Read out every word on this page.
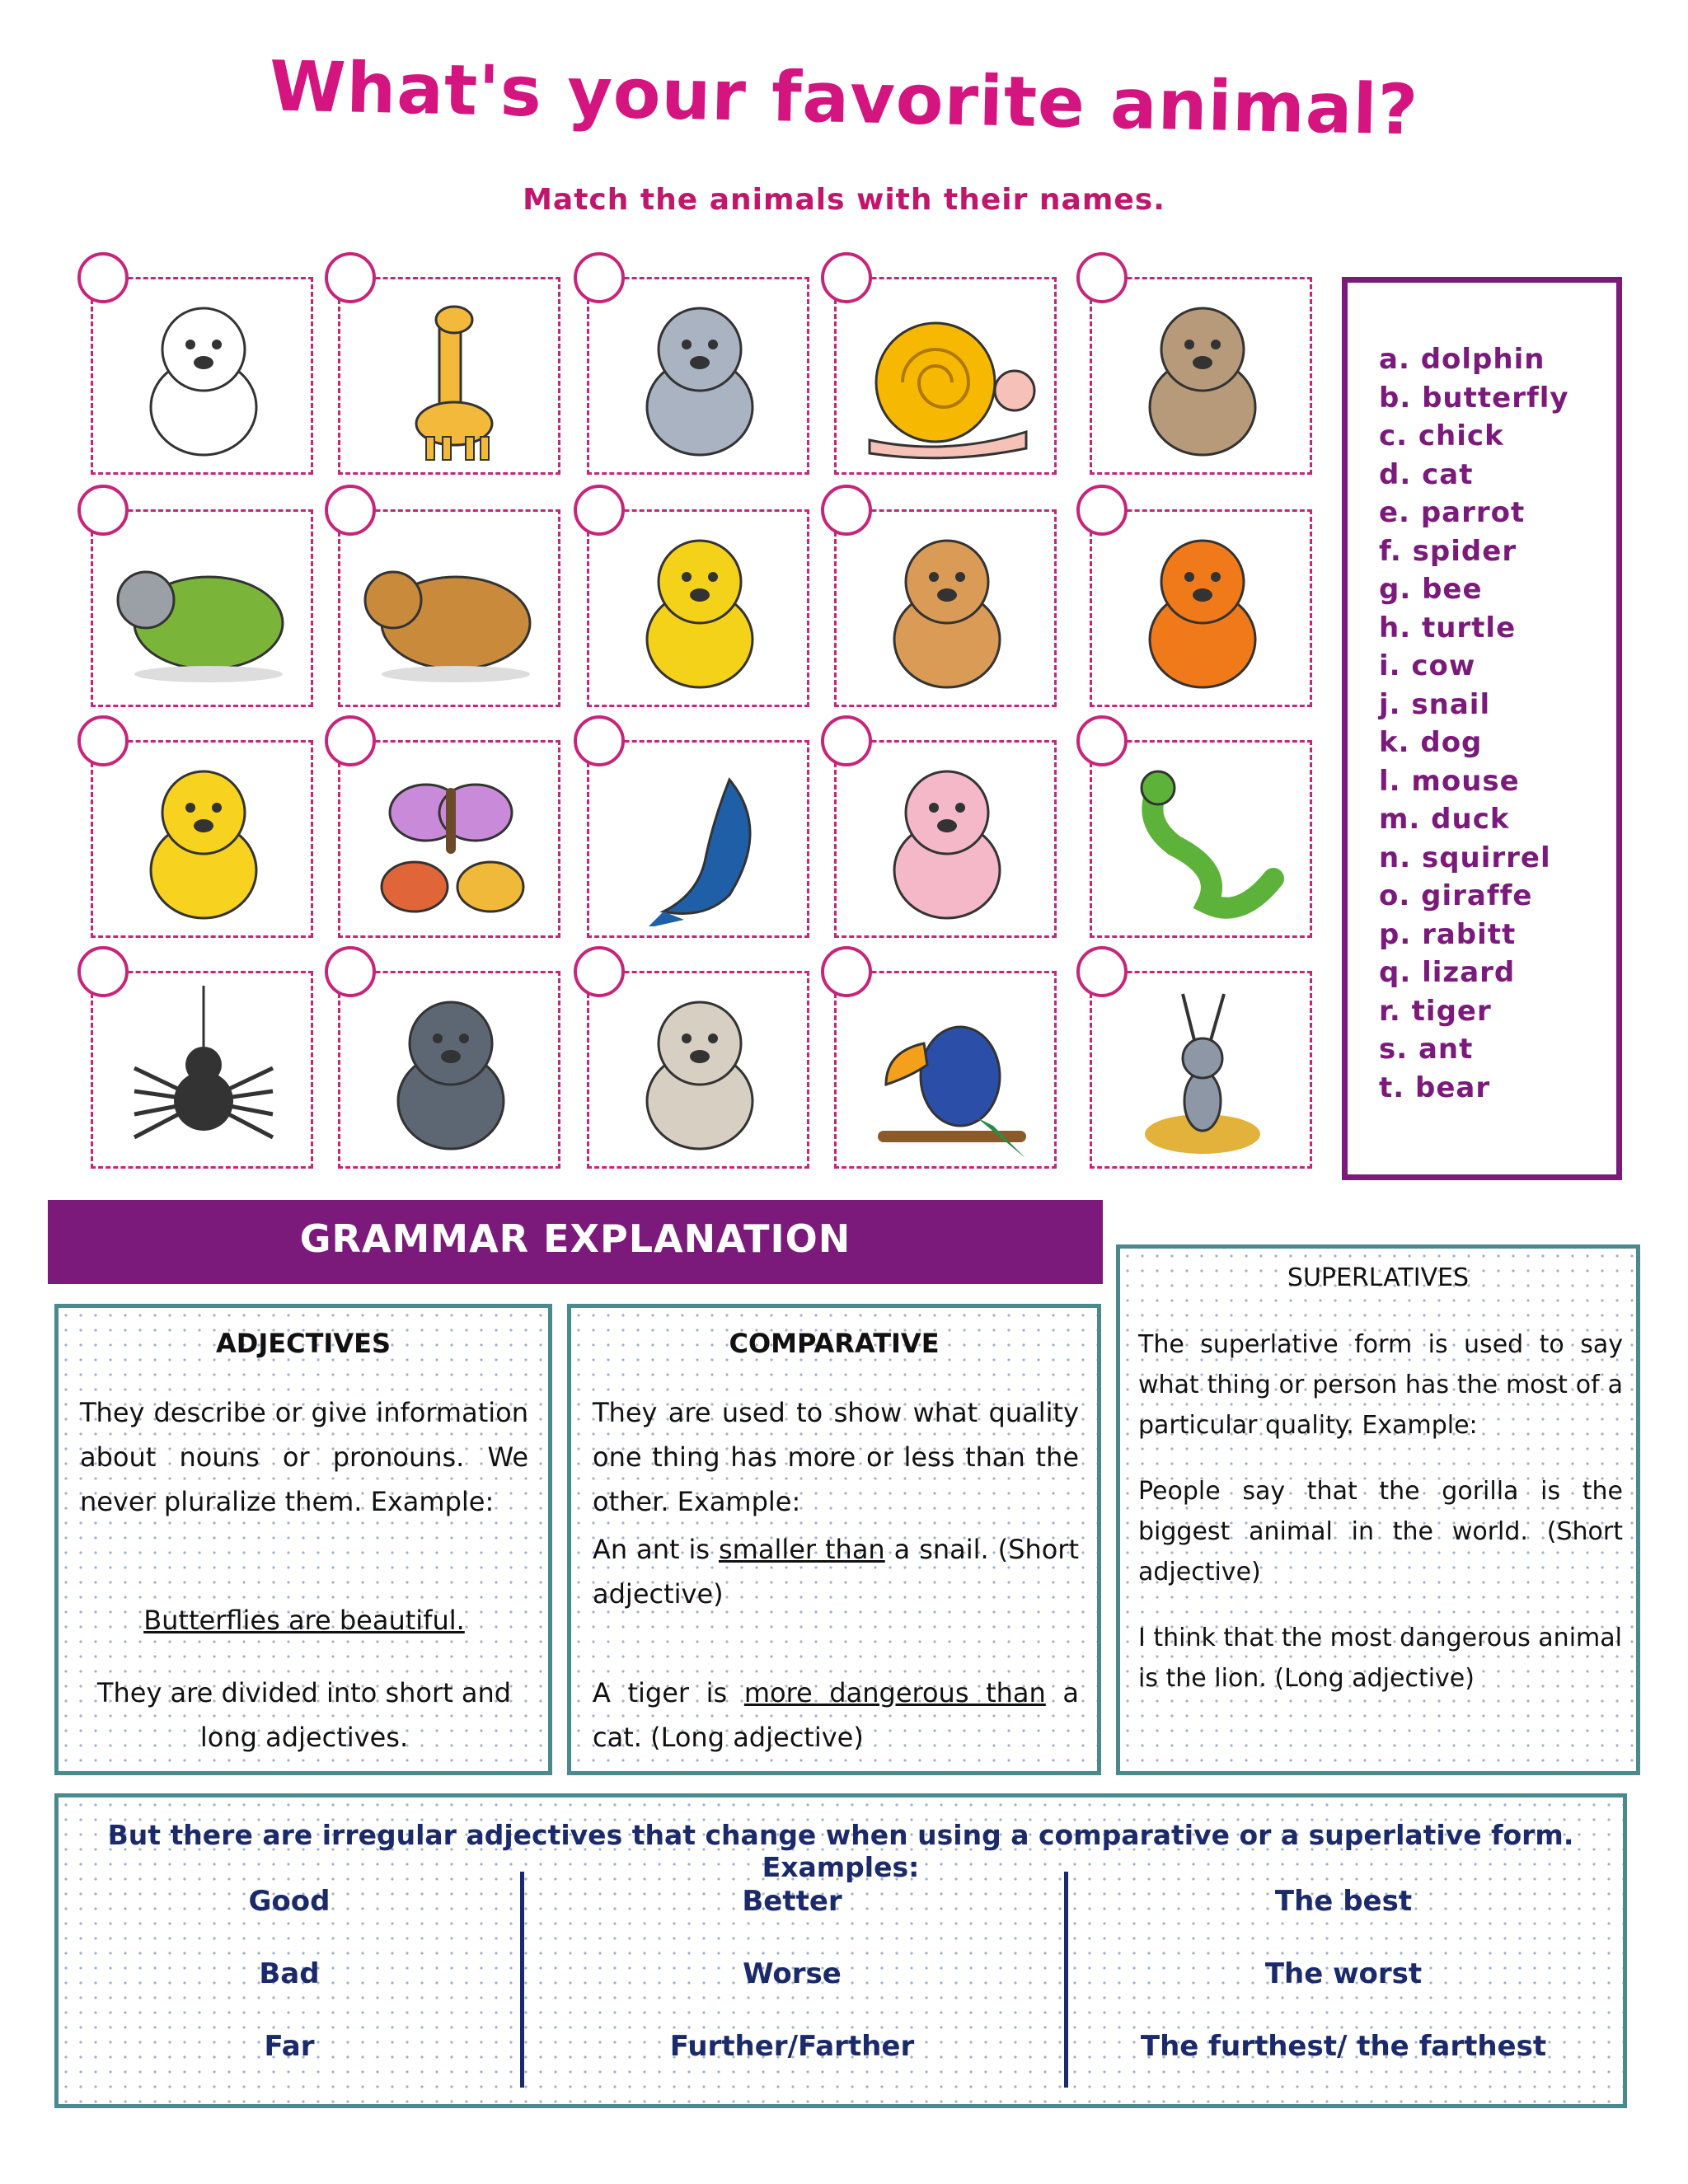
What's your favorite animal?
Match the animals with their names.
a. dolphin
b. butterfly
c. chick
d. cat
e. parrot
f. spider
g. bee
h. turtle
i. cow
j. snail
k. dog
l. mouse
m. duck
n. squirrel
o. giraffe
p. rabitt
q. lizard
r. tiger
s. ant
t. bear
GRAMMAR EXPLANATION
ADJECTIVES

They describe or give information about nouns or pronouns. We never pluralize them. Example:

Butterflies are beautiful.

They are divided into short and long adjectives.

COMPARATIVE

They are used to show what quality one thing has more or less than the other. Example:

An ant is smaller than a snail. (Short adjective)

A tiger is more dangerous than a cat. (Long adjective)

SUPERLATIVES

The superlative form is used to say what thing or person has the most of a particular quality. Example:

People say that the gorilla is the biggest animal in the world. (Short adjective)

I think that the most dangerous animal is the lion. (Long adjective)

But there are irregular adjectives that change when using a comparative or a superlative form. Examples:
Good	Better	The best
Bad	Worse	The worst
Far	Further/Farther	The furthest/ the farthest
